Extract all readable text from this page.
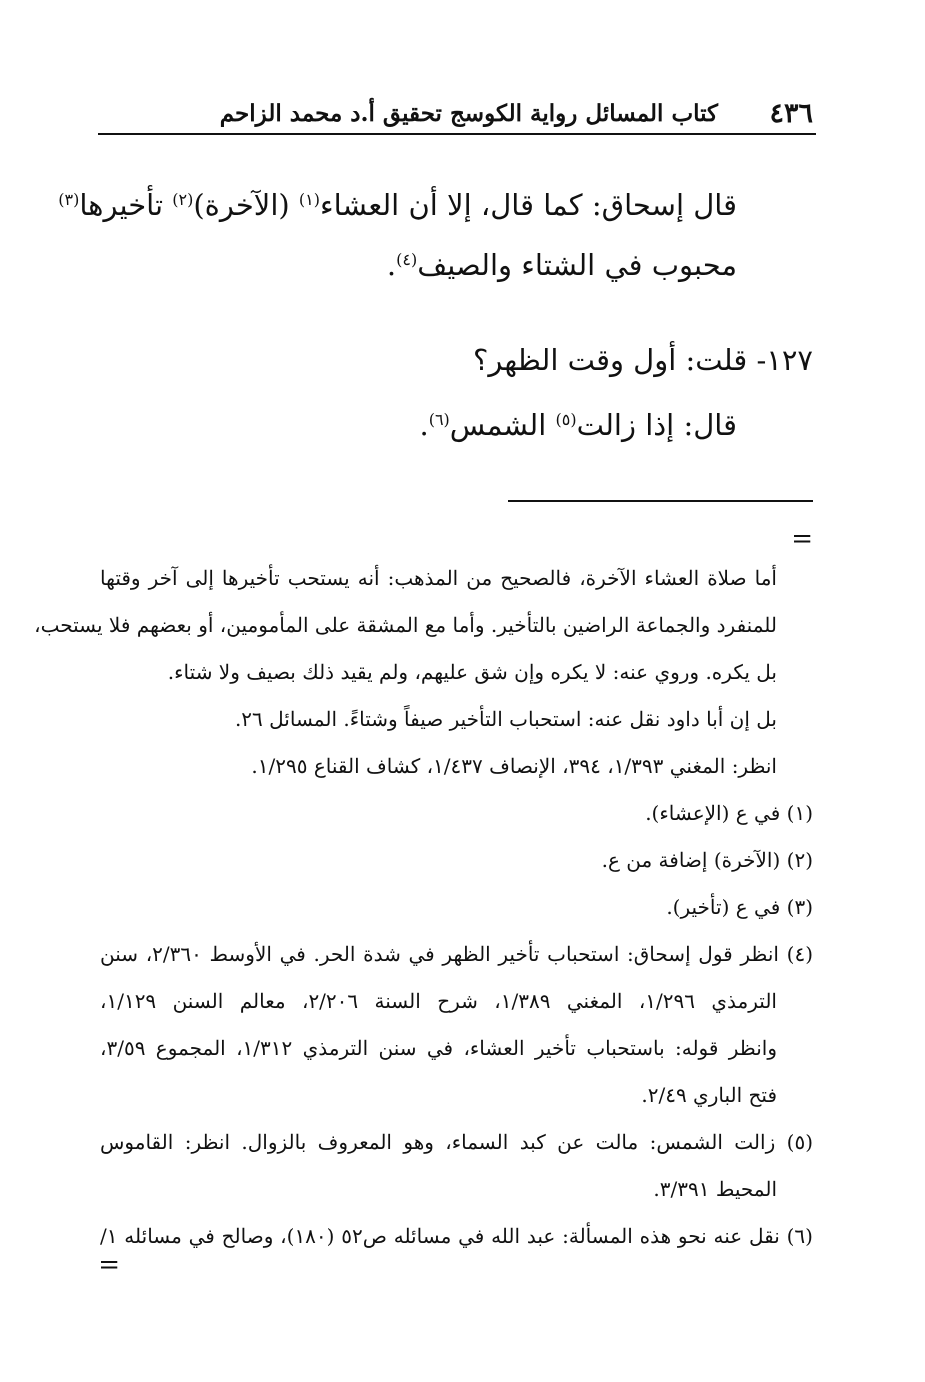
٤٣٦
كتاب المسائل رواية الكوسج تحقيق أ.د محمد الزاحم
قال إسحاق: كما قال، إلا أن العشاء$^{(١)}$ (الآخرة)$^{(٢)}$ تأخيرها$^{(٣)}$
محبوب في الشتاء والصيف$^{(٤)}$.
١٢٧- قلت: أول وقت الظهر؟
قال: إذا زالت$^{(٥)}$ الشمس$^{(٦)}$.
=
أما صلاة العشاء الآخرة، فالصحيح من المذهب: أنه يستحب تأخيرها إلى آخر وقتها
للمنفرد والجماعة الراضين بالتأخير. وأما مع المشقة على المأمومين، أو بعضهم فلا يستحب،
بل يكره. وروي عنه: لا يكره وإن شق عليهم، ولم يقيد ذلك بصيف ولا شتاء.
بل إن أبا داود نقل عنه: استحباب التأخير صيفاً وشتاءً. المسائل ٢٦.
انظر: المغني ١/٣٩٣، ٣٩٤، الإنصاف ١/٤٣٧، كشاف القناع ١/٢٩٥.
(١) في ع (الإعشاء).
(٢) (الآخرة) إضافة من ع.
(٣) في ع (تأخير).
(٤) انظر قول إسحاق: استحباب تأخير الظهر في شدة الحر. في الأوسط ٢/٣٦٠، سنن
الترمذي ١/٢٩٦، المغني ١/٣٨٩، شرح السنة ٢/٢٠٦، معالم السنن ١/١٢٩،
وانظر قوله: باستحباب تأخير العشاء، في سنن الترمذي ١/٣١٢، المجموع ٣/٥٩،
فتح الباري ٢/٤٩.
(٥) زالت الشمس: مالت عن كبد السماء، وهو المعروف بالزوال. انظر: القاموس
المحيط ٣/٣٩١.
(٦) نقل عنه نحو هذه المسألة: عبد الله في مسائله ص٥٢ (١٨٠)، وصالح في مسائله ١/
=
